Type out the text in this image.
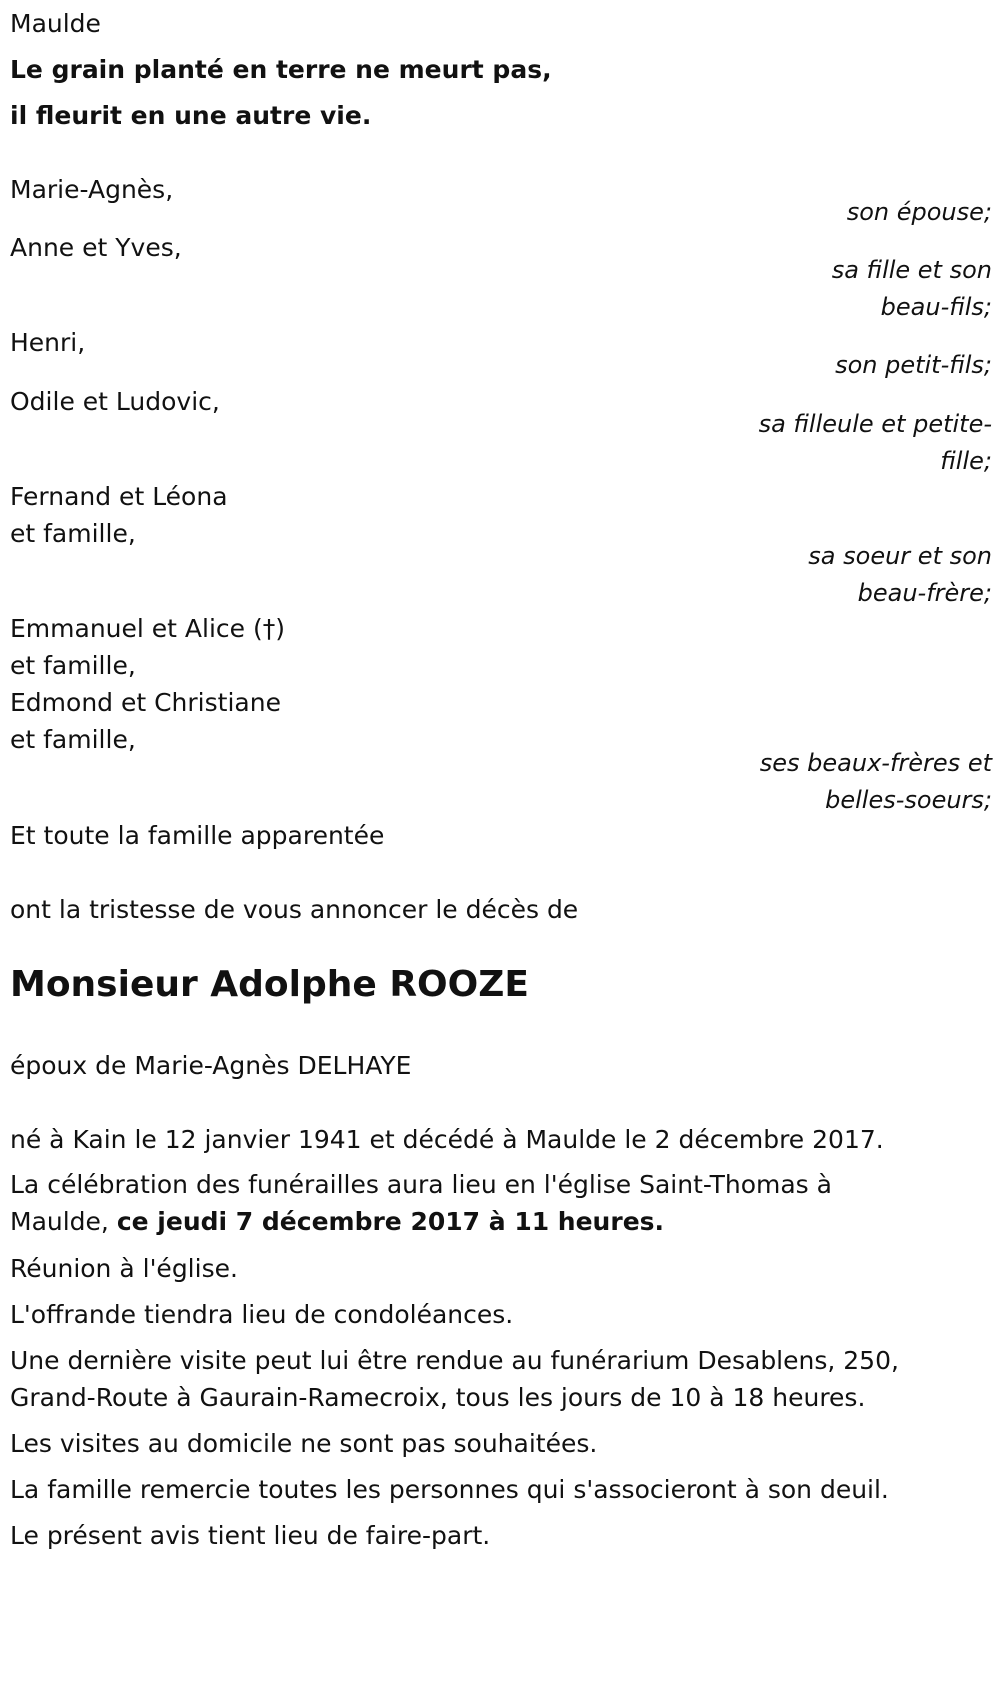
Maulde
Le grain planté en terre ne meurt pas,
il fleurit en une autre vie.
Marie-Agnès,
son épouse;
Anne et Yves,
sa fille et son
beau-fils;
Henri,
son petit-fils;
Odile et Ludovic,
sa filleule et petite-
fille;
Fernand et Léona
et famille,
sa soeur et son
beau-frère;
Emmanuel et Alice (†)
et famille,
Edmond et Christiane
et famille,
ses beaux-frères et
belles-soeurs;
Et toute la famille apparentée
ont la tristesse de vous annoncer le décès de
Monsieur Adolphe ROOZE
époux de Marie-Agnès DELHAYE
né à Kain le 12 janvier 1941 et décédé à Maulde le 2 décembre 2017.
La célébration des funérailles aura lieu en l'église Saint-Thomas à
Maulde, ce jeudi 7 décembre 2017 à 11 heures.
Réunion à l'église.
L'offrande tiendra lieu de condoléances.
Une dernière visite peut lui être rendue au funérarium Desablens, 250,
Grand-Route à Gaurain-Ramecroix, tous les jours de 10 à 18 heures.
Les visites au domicile ne sont pas souhaitées.
La famille remercie toutes les personnes qui s'associeront à son deuil.
Le présent avis tient lieu de faire-part.
